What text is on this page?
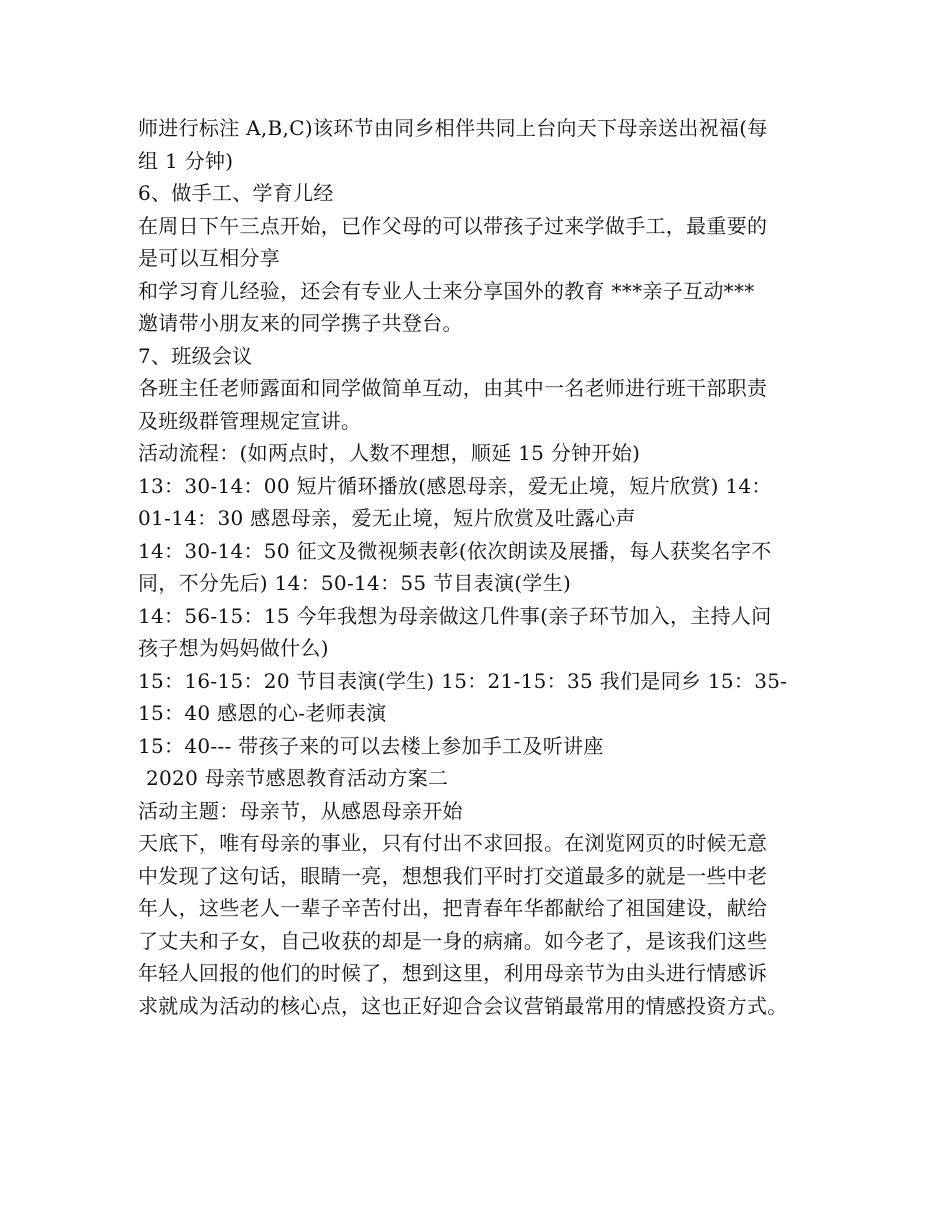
师进行标注 A,B,C)该环节由同乡相伴共同上台向天下母亲送出祝福(每
组 1 分钟)
6、做手工、学育儿经
在周日下午三点开始，已作父母的可以带孩子过来学做手工，最重要的
是可以互相分享
和学习育儿经验，还会有专业人士来分享国外的教育 ***亲子互动***
邀请带小朋友来的同学携子共登台。
7、班级会议
各班主任老师露面和同学做简单互动，由其中一名老师进行班干部职责
及班级群管理规定宣讲。
活动流程：(如两点时，人数不理想，顺延 15 分钟开始)
13：30-14：00 短片循环播放(感恩母亲，爱无止境，短片欣赏) 14：
01-14：30 感恩母亲，爱无止境，短片欣赏及吐露心声
14：30-14：50 征文及微视频表彰(依次朗读及展播，每人获奖名字不
同，不分先后) 14：50-14：55 节目表演(学生)
14：56-15：15 今年我想为母亲做这几件事(亲子环节加入，主持人问
孩子想为妈妈做什么)
15：16-15：20 节目表演(学生) 15：21-15：35 我们是同乡 15：35-
15：40 感恩的心-老师表演
15：40--- 带孩子来的可以去楼上参加手工及听讲座
2020 母亲节感恩教育活动方案二
活动主题：母亲节，从感恩母亲开始
天底下，唯有母亲的事业，只有付出不求回报。在浏览网页的时候无意
中发现了这句话，眼睛一亮，想想我们平时打交道最多的就是一些中老
年人，这些老人一辈子辛苦付出，把青春年华都献给了祖国建设，献给
了丈夫和子女，自己收获的却是一身的病痛。如今老了，是该我们这些
年轻人回报的他们的时候了，想到这里，利用母亲节为由头进行情感诉
求就成为活动的核心点，这也正好迎合会议营销最常用的情感投资方式。
